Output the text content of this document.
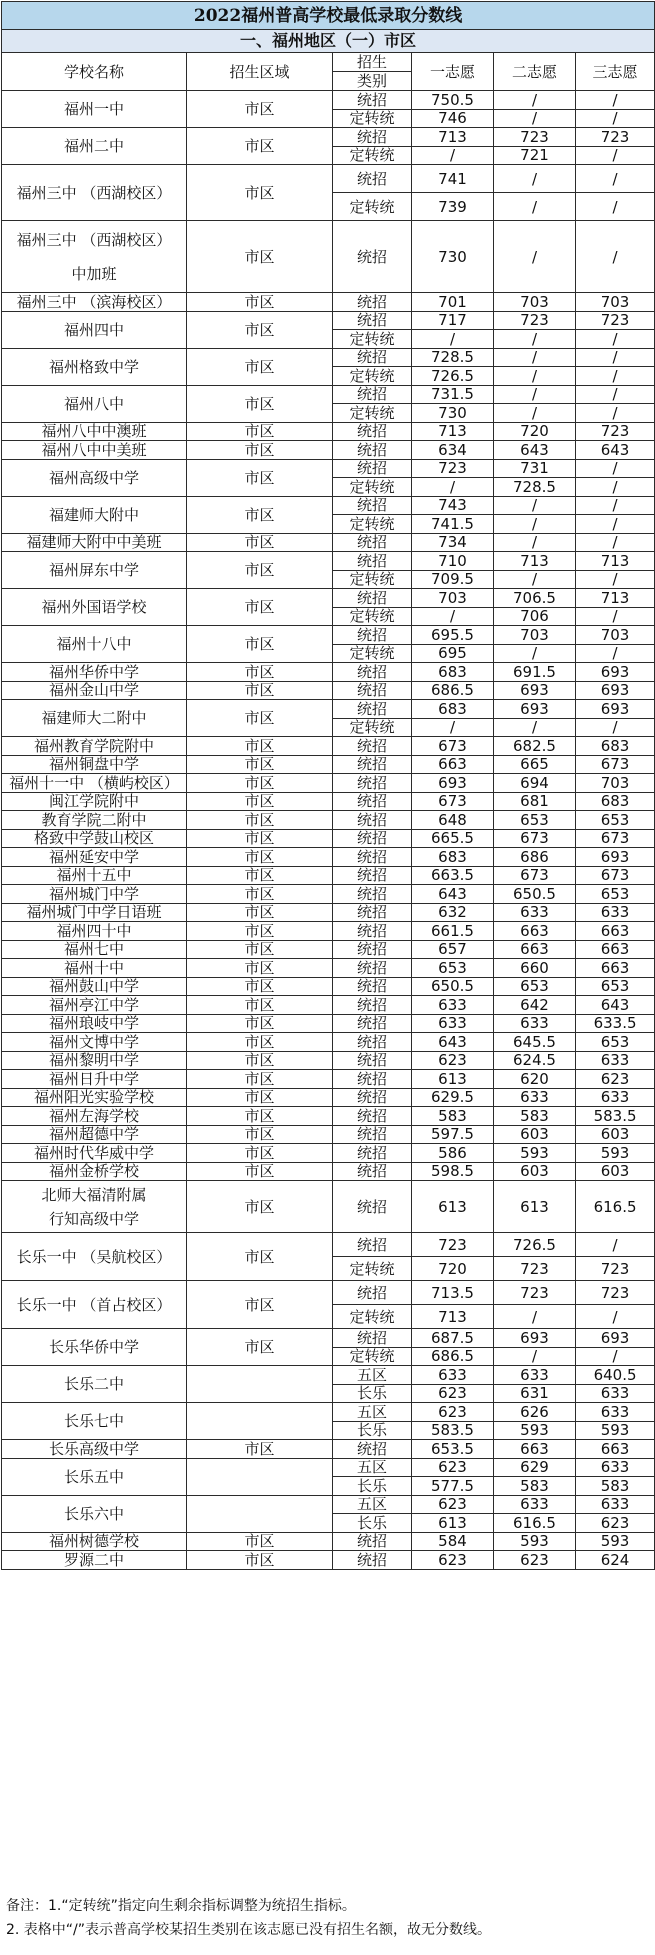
2022福州普高学校最低录取分数线					
一、福州地区（一）市区					
学校名称	招生区域	招生	一志愿	二志愿	三志愿
		类别			
福州一中	市区	统招	750.5	/	/
		定转统	746	/	/
福州二中	市区	统招	713	723	723
		定转统	/	721	/
福州三中 （西湖校区）	市区	统招	741	/	/
		定转统	739	/	/

福州三中 （西湖校区）
中加班	市区	统招	730	/	/
福州三中 （滨海校区）	市区	统招	701	703	703
福州四中	市区	统招	717	723	723
		定转统	/	/	/
福州格致中学	市区	统招	728.5	/	/
		定转统	726.5	/	/
福州八中	市区	统招	731.5	/	/
		定转统	730	/	/
福州八中中澳班	市区	统招	713	720	723
福州八中中美班	市区	统招	634	643	643
福州高级中学	市区	统招	723	731	/
		定转统	/	728.5	/
福建师大附中	市区	统招	743	/	/
		定转统	741.5	/	/
福建师大附中中美班	市区	统招	734	/	/
福州屏东中学	市区	统招	710	713	713
		定转统	709.5	/	/
福州外国语学校	市区	统招	703	706.5	713
		定转统	/	706	/
福州十八中	市区	统招	695.5	703	703
		定转统	695	/	/
福州华侨中学	市区	统招	683	691.5	693
福州金山中学	市区	统招	686.5	693	693
福建师大二附中	市区	统招	683	693	693
		定转统	/	/	/
福州教育学院附中	市区	统招	673	682.5	683
福州铜盘中学	市区	统招	663	665	673
福州十一中 （横屿校区）	市区	统招	693	694	703
闽江学院附中	市区	统招	673	681	683
教育学院二附中	市区	统招	648	653	653
格致中学鼓山校区	市区	统招	665.5	673	673
福州延安中学	市区	统招	683	686	693
福州十五中	市区	统招	663.5	673	673
福州城门中学	市区	统招	643	650.5	653
福州城门中学日语班	市区	统招	632	633	633
福州四十中	市区	统招	661.5	663	663
福州七中	市区	统招	657	663	663
福州十中	市区	统招	653	660	663
福州鼓山中学	市区	统招	650.5	653	653
福州亭江中学	市区	统招	633	642	643
福州琅岐中学	市区	统招	633	633	633.5
福州文博中学	市区	统招	643	645.5	653
福州黎明中学	市区	统招	623	624.5	633
福州日升中学	市区	统招	613	620	623
福州阳光实验学校	市区	统招	629.5	633	633
福州左海学校	市区	统招	583	583	583.5
福州超德中学	市区	统招	597.5	603	603
福州时代华威中学	市区	统招	586	593	593
福州金桥学校	市区	统招	598.5	603	603

北师大福清附属
行知高级中学	市区	统招	613	613	616.5
长乐一中 （吴航校区）	市区	统招	723	726.5	/
		定转统	720	723	723
长乐一中 （首占校区）	市区	统招	713.5	723	723
		定转统	713	/	/
长乐华侨中学	市区	统招	687.5	693	693
		定转统	686.5	/	/
长乐二中		五区	633	633	640.5
		长乐	623	631	633
长乐七中		五区	623	626	633
		长乐	583.5	593	593
长乐高级中学	市区	统招	653.5	663	663
长乐五中		五区	623	629	633
		长乐	577.5	583	583
长乐六中		五区	623	633	633
		长乐	613	616.5	623
福州树德学校	市区	统招	584	593	593
罗源二中	市区	统招	623	623	624
备注：1.“定转统”指定向生剩余指标调整为统招生指标。
2. 表格中“/”表示普高学校某招生类别在该志愿已没有招生名额，故无分数线。
